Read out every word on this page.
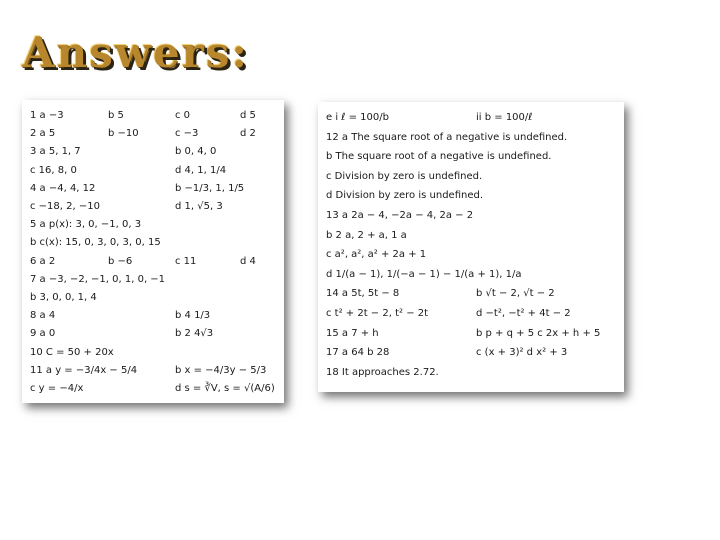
Answers:
1 a −3	b 5	c 0	d 5
2 a 5	b −10	c −3	d 2
3 a 5, 1, 7	b 0, 4, 0
c 16, 8, 0	d 4, 1, 1/4
4 a −4, 4, 12	b −1/3, 1, 1/5
c −18, 2, −10	d 1, √5, 3
5 a p(x): 3, 0, −1, 0, 3
b c(x): 15, 0, 3, 0, 3, 0, 15
6 a 2	b −6	c 11	d 4
7 a −3, −2, −1, 0, 1, 0, −1
b 3, 0, 0, 1, 4
8 a 4	b 4 1/3
9 a 0	b 2 4√3
10 C = 50 + 20x
11 a y = −3/4x − 5/4	b x = −4/3y − 5/3
c y = −4/x	d s = ∛V, s = √(A/6)
e i ℓ = 100/b	ii b = 100/ℓ
12 a The square root of a negative is undefined.
b The square root of a negative is undefined.
c Division by zero is undefined.
d Division by zero is undefined.
13 a 2a − 4, −2a − 4, 2a − 2
b 2 a, 2 + a, 1 a
c a², a², a² + 2a + 1
d 1/(a − 1), 1/(−a − 1) − 1/(a + 1), 1/a
14 a 5t, 5t − 8	b √t − 2, √t − 2
c t² + 2t − 2, t² − 2t	d −t², −t² + 4t − 2
15 a 7 + h	b p + q + 5 c 2x + h + 5
17 a 64 b 28	c (x + 3)² d x² + 3
18 It approaches 2.72.
